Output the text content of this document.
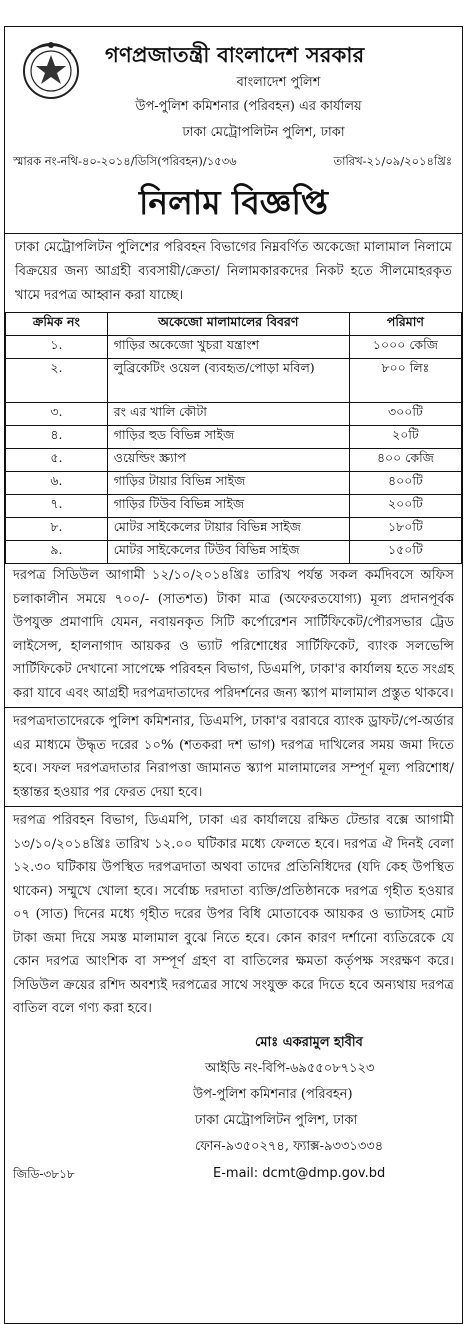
গণপ্রজাতন্ত্রী বাংলাদেশ সরকার
বাংলাদেশ পুলিশ
উপ-পুলিশ কমিশনার (পরিবহন) এর কার্যালয়
ঢাকা মেট্রোপলিটন পুলিশ, ঢাকা
স্মারক নং-নথি-৪০-২০১৪/ডিসি(পরিবহন)/১৫৩৬	তারিখ-২১/০৯/২০১৪খ্রিঃ
নিলাম বিজ্ঞপ্তি
ঢাকা মেট্রোপলিটন পুলিশের পরিবহন বিভাগের নিম্নবর্ণিত অকেজো মালামাল নিলামে বিক্রয়ের জন্য আগ্রহী ব্যবসায়ী/ক্রেতা/ নিলামকারকদের নিকট হতে সীলমোহরকৃত খামে দরপত্র আহ্বান করা যাচ্ছে।
ক্রমিক নং	অকেজো মালামালের বিবরণ	পরিমাণ
১.	গাড়ির অকেজো খুচরা যন্ত্রাংশ	১০০০ কেজি
২.	লুব্রিকেটিং ওয়েল (ব্যবহৃত/পোড়া মবিল)	৮০০ লিঃ
৩.	রং এর খালি কৌটা	৩০০টি
৪.	গাড়ির হুড বিভিন্ন সাইজ	২০টি
৫.	ওয়েল্ডিং স্ক্র্যাপ	৪০০ কেজি
৬.	গাড়ির টায়ার বিভিন্ন সাইজ	৪০০টি
৭.	গাড়ির টিউব বিভিন্ন সাইজ	২০০টি
৮.	মোটর সাইকেলের টায়ার বিভিন্ন সাইজ	১৮০টি
৯.	মোটর সাইকেলের টিউব বিভিন্ন সাইজ	১৫০টি
দরপত্র সিডিউল আগামী ১২/১০/২০১৪খ্রিঃ তারিখ পর্যন্ত সকল কর্মদিবসে অফিস চলাকালীন সময়ে ৭০০/- (সাতশত) টাকা মাত্র (অফেরতযোগ্য) মূল্য প্রদানপূর্বক উপযুক্ত প্রমাণাদি যেমন, নবায়নকৃত সিটি কর্পোরেশন সার্টিফিকেট/পৌরসভার ট্রেড লাইসেন্স, হালনাগাদ আয়কর ও ভ্যাট পরিশোধের সার্টিফিকেট, ব্যাংক সলভেন্সি সার্টিফিকেট দেখানো সাপেক্ষে পরিবহন বিভাগ, ডিএমপি, ঢাকা'র কার্যালয় হতে সংগ্রহ করা যাবে এবং আগ্রহী দরপত্রদাতাদের পরিদর্শনের জন্য স্ক্যাপ মালামাল প্রস্তুত থাকবে।
দরপত্রদাতাদেরকে পুলিশ কমিশনার, ডিএমপি, ঢাকা'র বরাবরে ব্যাংক ড্রাফট/পে-অর্ডার এর মাধ্যমে উদ্ধৃত দরের ১০% (শতকরা দশ ভাগ) দরপত্র দাখিলের সময় জমা দিতে হবে। সফল দরপত্রদাতার নিরাপত্তা জামানত স্ক্যাপ মালামালের সম্পূর্ণ মূল্য পরিশোধ/হস্তান্তর হওয়ার পর ফেরত দেয়া হবে।
দরপত্র পরিবহন বিভাগ, ডিএমপি, ঢাকা এর কার্যালয়ে রক্ষিত টেন্ডার বক্সে আগামী ১৩/১০/২০১৪খ্রিঃ তারিখ ১২.০০ ঘটিকার মধ্যে ফেলতে হবে। দরপত্র ঐ দিনই বেলা ১২.৩০ ঘটিকায় উপস্থিত দরপত্রদাতা অথবা তাদের প্রতিনিধিদের (যদি কেহ উপস্থিত থাকেন) সম্মুখে খোলা হবে। সর্বোচ্চ দরদাতা ব্যক্তি/প্রতিষ্ঠানকে দরপত্র গৃহীত হওয়ার ০৭ (সাত) দিনের মধ্যে গৃহীত দরের উপর বিধি মোতাবেক আয়কর ও ভ্যাটসহ মোট টাকা জমা দিয়ে সমস্ত মালামাল বুঝে নিতে হবে। কোন কারণ দর্শানো ব্যতিরেকে যে কোন দরপত্র আংশিক বা সম্পূর্ণ গ্রহণ বা বাতিলের ক্ষমতা কর্তৃপক্ষ সংরক্ষণ করে। সিডিউল ক্রয়ের রশিদ অবশ্যই দরপত্রের সাথে সংযুক্ত করে দিতে হবে অন্যথায় দরপত্র বাতিল বলে গণ্য করা হবে।
মোঃ একরামুল হাবীব
আইডি নং-বিপি-৬৯৫৫০৮৭১২৩
উপ-পুলিশ কমিশনার (পরিবহন)
ঢাকা মেট্রোপলিটন পুলিশ, ঢাকা
ফোন-৯৩৫০২৭৪, ফ্যাক্স-৯৩৩১৩৩৪
জিডি-৩৮১৮	E-mail: dcmt@dmp.gov.bd
